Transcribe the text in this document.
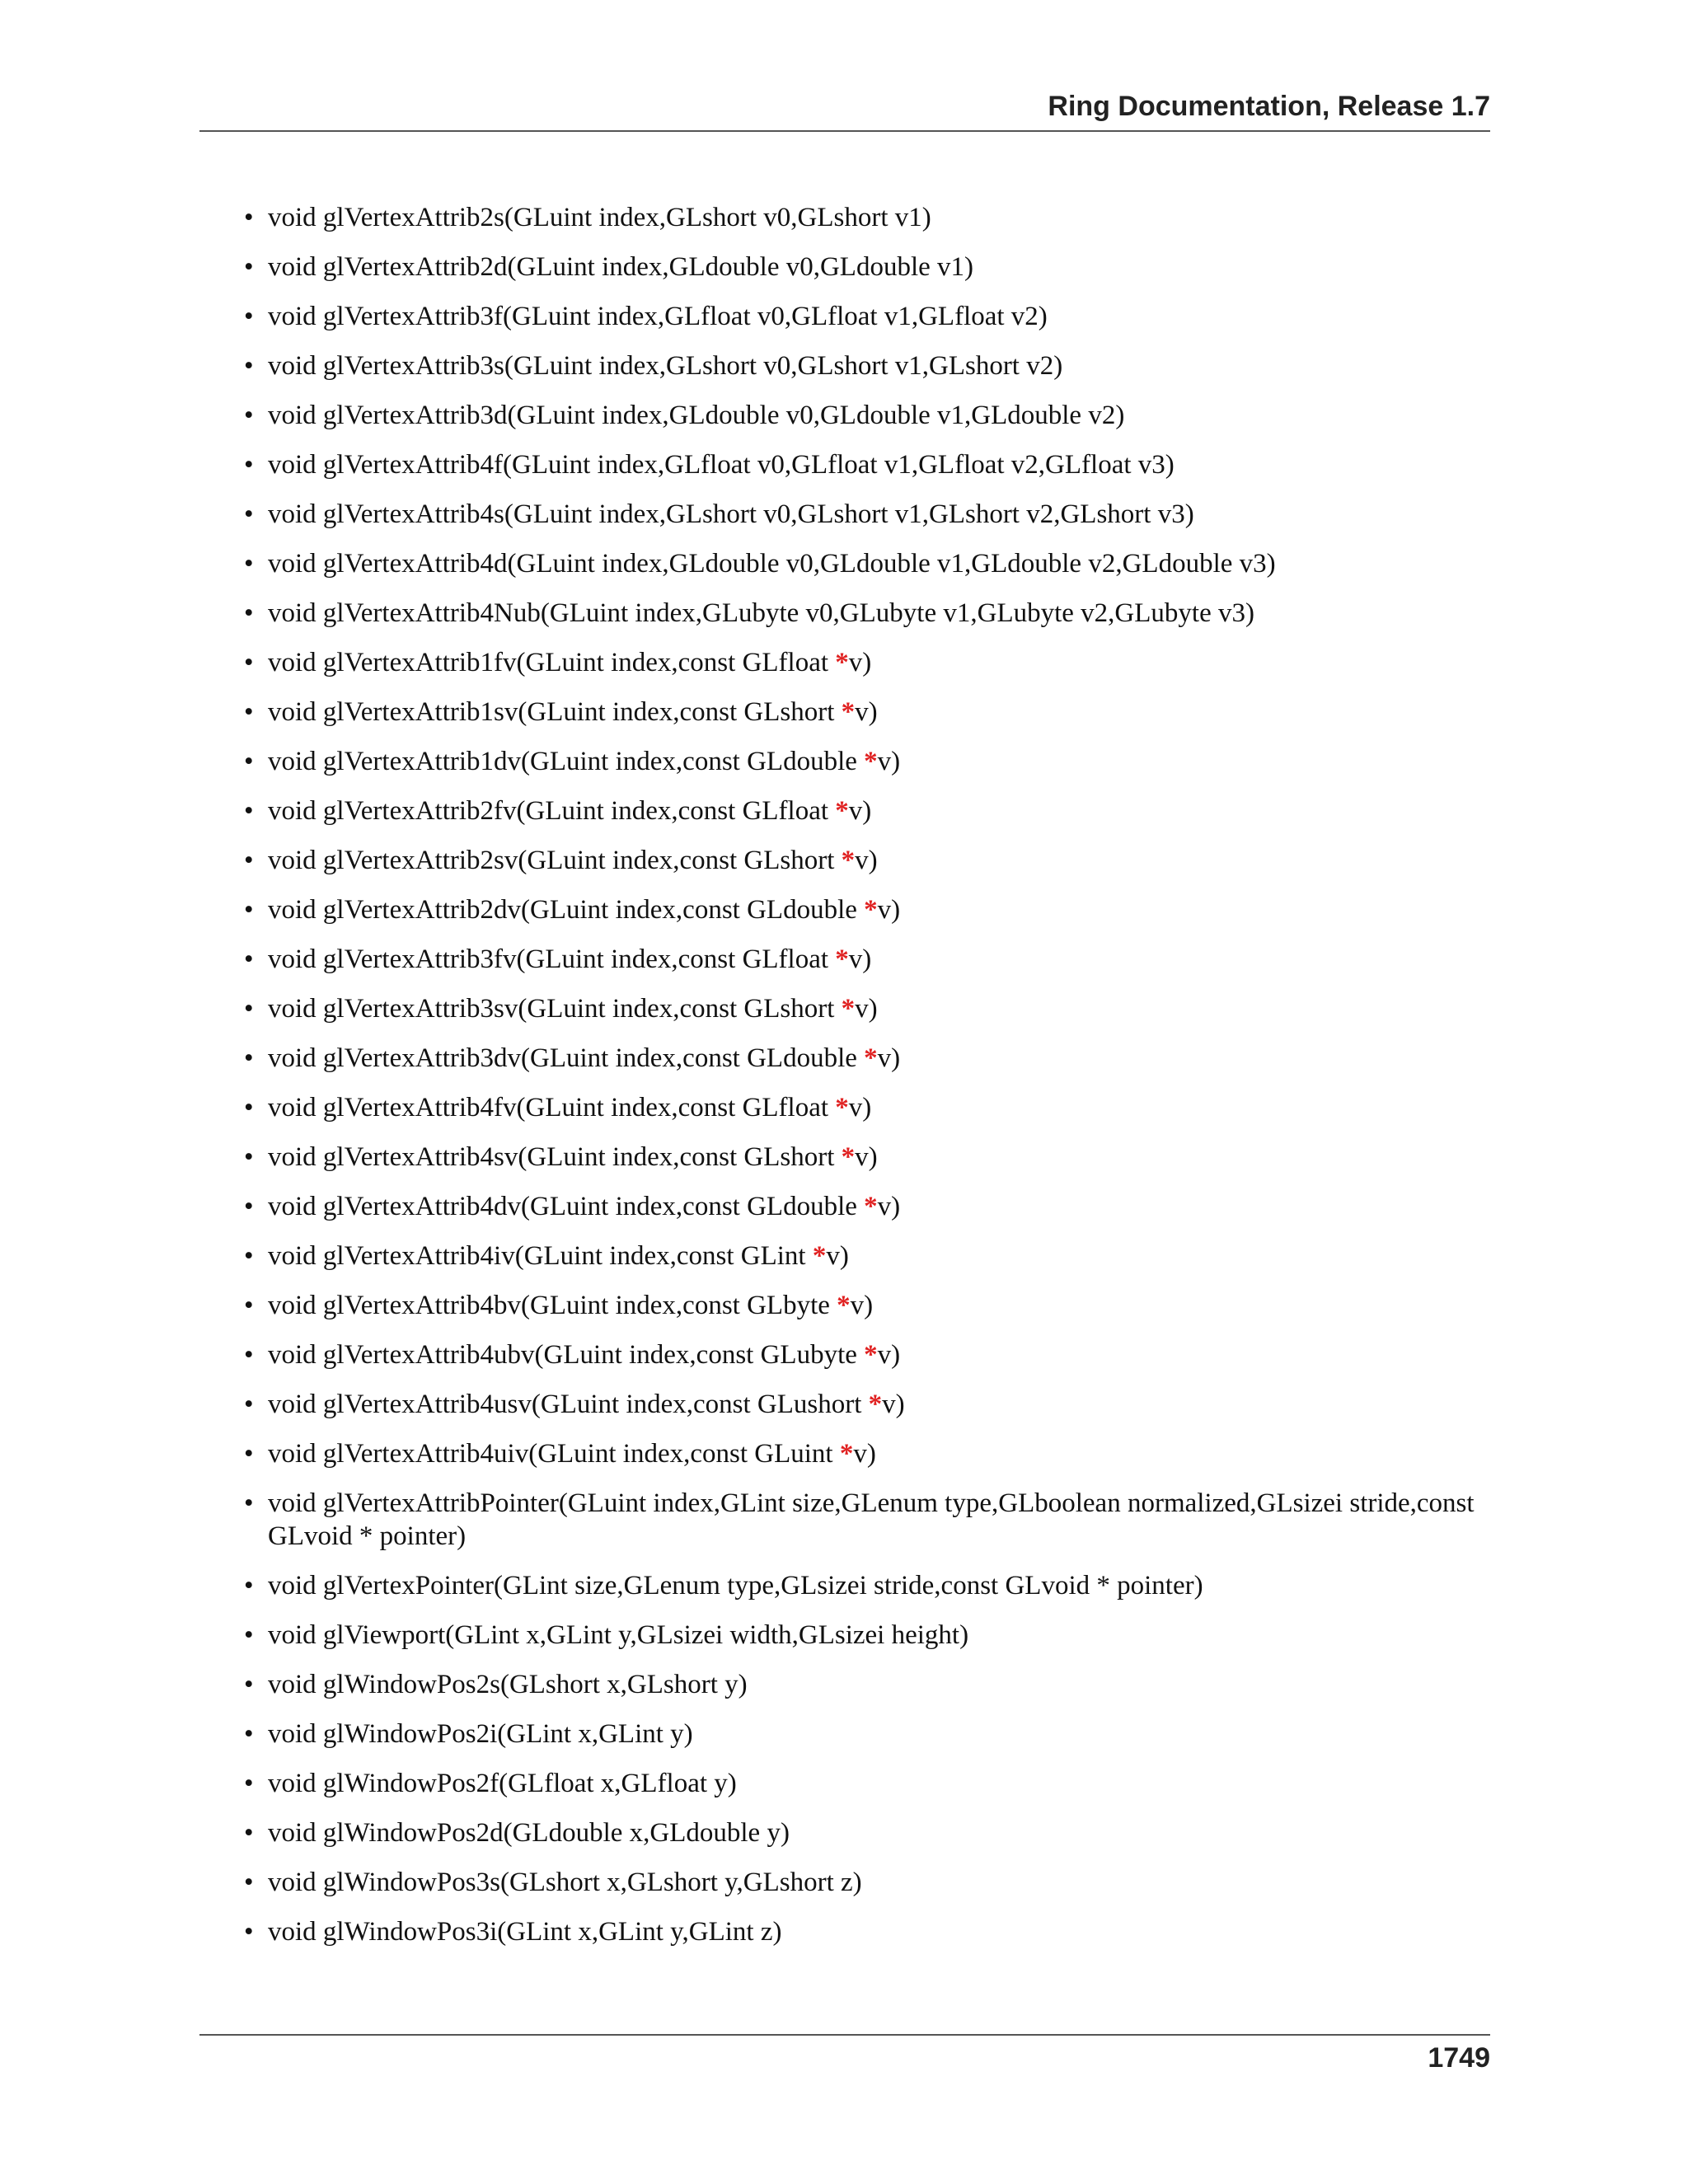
Ring Documentation, Release 1.7
• void glVertexAttrib2s(GLuint index,GLshort v0,GLshort v1)
• void glVertexAttrib2d(GLuint index,GLdouble v0,GLdouble v1)
• void glVertexAttrib3f(GLuint index,GLfloat v0,GLfloat v1,GLfloat v2)
• void glVertexAttrib3s(GLuint index,GLshort v0,GLshort v1,GLshort v2)
• void glVertexAttrib3d(GLuint index,GLdouble v0,GLdouble v1,GLdouble v2)
• void glVertexAttrib4f(GLuint index,GLfloat v0,GLfloat v1,GLfloat v2,GLfloat v3)
• void glVertexAttrib4s(GLuint index,GLshort v0,GLshort v1,GLshort v2,GLshort v3)
• void glVertexAttrib4d(GLuint index,GLdouble v0,GLdouble v1,GLdouble v2,GLdouble v3)
• void glVertexAttrib4Nub(GLuint index,GLubyte v0,GLubyte v1,GLubyte v2,GLubyte v3)
• void glVertexAttrib1fv(GLuint index,const GLfloat *v)
• void glVertexAttrib1sv(GLuint index,const GLshort *v)
• void glVertexAttrib1dv(GLuint index,const GLdouble *v)
• void glVertexAttrib2fv(GLuint index,const GLfloat *v)
• void glVertexAttrib2sv(GLuint index,const GLshort *v)
• void glVertexAttrib2dv(GLuint index,const GLdouble *v)
• void glVertexAttrib3fv(GLuint index,const GLfloat *v)
• void glVertexAttrib3sv(GLuint index,const GLshort *v)
• void glVertexAttrib3dv(GLuint index,const GLdouble *v)
• void glVertexAttrib4fv(GLuint index,const GLfloat *v)
• void glVertexAttrib4sv(GLuint index,const GLshort *v)
• void glVertexAttrib4dv(GLuint index,const GLdouble *v)
• void glVertexAttrib4iv(GLuint index,const GLint *v)
• void glVertexAttrib4bv(GLuint index,const GLbyte *v)
• void glVertexAttrib4ubv(GLuint index,const GLubyte *v)
• void glVertexAttrib4usv(GLuint index,const GLushort *v)
• void glVertexAttrib4uiv(GLuint index,const GLuint *v)
• void glVertexAttribPointer(GLuint index,GLint size,GLenum type,GLboolean normalized,GLsizei stride,const GLvoid * pointer)
• void glVertexPointer(GLint size,GLenum type,GLsizei stride,const GLvoid * pointer)
• void glViewport(GLint x,GLint y,GLsizei width,GLsizei height)
• void glWindowPos2s(GLshort x,GLshort y)
• void glWindowPos2i(GLint x,GLint y)
• void glWindowPos2f(GLfloat x,GLfloat y)
• void glWindowPos2d(GLdouble x,GLdouble y)
• void glWindowPos3s(GLshort x,GLshort y,GLshort z)
• void glWindowPos3i(GLint x,GLint y,GLint z)
1749
